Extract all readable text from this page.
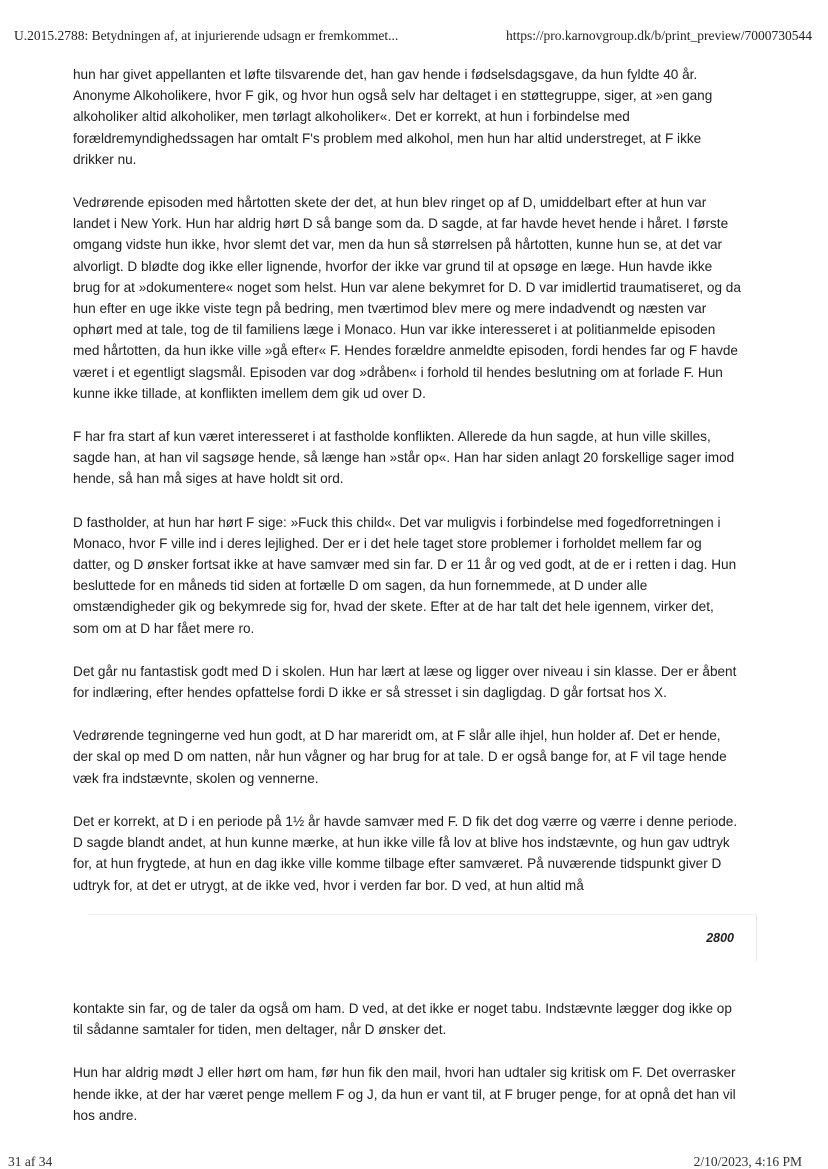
U.2015.2788: Betydningen af, at injurierende udsagn er fremkommet...	https://pro.karnovgroup.dk/b/print_preview/7000730544

hun har givet appellanten et løfte tilsvarende det, han gav hende i fødselsdagsgave, da hun fyldte 40 år. Anonyme Alkoholikere, hvor F gik, og hvor hun også selv har deltaget i en støttegruppe, siger, at »en gang alkoholiker altid alkoholiker, men tørlagt alkoholiker«. Det er korrekt, at hun i forbindelse med forældremyndighedssagen har omtalt F's problem med alkohol, men hun har altid understreget, at F ikke drikker nu.

Vedrørende episoden med hårtotten skete der det, at hun blev ringet op af D, umiddelbart efter at hun var landet i New York. Hun har aldrig hørt D så bange som da. D sagde, at far havde hevet hende i håret. I første omgang vidste hun ikke, hvor slemt det var, men da hun så størrelsen på hårtotten, kunne hun se, at det var alvorligt. D blødte dog ikke eller lignende, hvorfor der ikke var grund til at opsøge en læge. Hun havde ikke brug for at »dokumentere« noget som helst. Hun var alene bekymret for D. D var imidlertid traumatiseret, og da hun efter en uge ikke viste tegn på bedring, men tværtimod blev mere og mere indadvendt og næsten var ophørt med at tale, tog de til familiens læge i Monaco. Hun var ikke interesseret i at politianmelde episoden med hårtotten, da hun ikke ville »gå efter« F. Hendes forældre anmeldte episoden, fordi hendes far og F havde været i et egentligt slagsmål. Episoden var dog »dråben« i forhold til hendes beslutning om at forlade F. Hun kunne ikke tillade, at konflikten imellem dem gik ud over D.

F har fra start af kun været interesseret i at fastholde konflikten. Allerede da hun sagde, at hun ville skilles, sagde han, at han vil sagsøge hende, så længe han »står op«. Han har siden anlagt 20 forskellige sager imod hende, så han må siges at have holdt sit ord.

D fastholder, at hun har hørt F sige: »Fuck this child«. Det var muligvis i forbindelse med fogedforretningen i Monaco, hvor F ville ind i deres lejlighed. Der er i det hele taget store problemer i forholdet mellem far og datter, og D ønsker fortsat ikke at have samvær med sin far. D er 11 år og ved godt, at de er i retten i dag. Hun besluttede for en måneds tid siden at fortælle D om sagen, da hun fornemmede, at D under alle omstændigheder gik og bekymrede sig for, hvad der skete. Efter at de har talt det hele igennem, virker det, som om at D har fået mere ro.

Det går nu fantastisk godt med D i skolen. Hun har lært at læse og ligger over niveau i sin klasse. Der er åbent for indlæring, efter hendes opfattelse fordi D ikke er så stresset i sin dagligdag. D går fortsat hos X.

Vedrørende tegningerne ved hun godt, at D har mareridt om, at F slår alle ihjel, hun holder af. Det er hende, der skal op med D om natten, når hun vågner og har brug for at tale. D er også bange for, at F vil tage hende væk fra indstævnte, skolen og vennerne.

Det er korrekt, at D i en periode på 1½ år havde samvær med F. D fik det dog værre og værre i denne periode. D sagde blandt andet, at hun kunne mærke, at hun ikke ville få lov at blive hos indstævnte, og hun gav udtryk for, at hun frygtede, at hun en dag ikke ville komme tilbage efter samværet. På nuværende tidspunkt giver D udtryk for, at det er utrygt, at de ikke ved, hvor i verden far bor. D ved, at hun altid må

2800

kontakte sin far, og de taler da også om ham. D ved, at det ikke er noget tabu. Indstævnte lægger dog ikke op til sådanne samtaler for tiden, men deltager, når D ønsker det.

Hun har aldrig mødt J eller hørt om ham, før hun fik den mail, hvori han udtaler sig kritisk om F. Det overrasker hende ikke, at der har været penge mellem F og J, da hun er vant til, at F bruger penge, for at opnå det han vil hos andre.

31 af 34	2/10/2023, 4:16 PM
